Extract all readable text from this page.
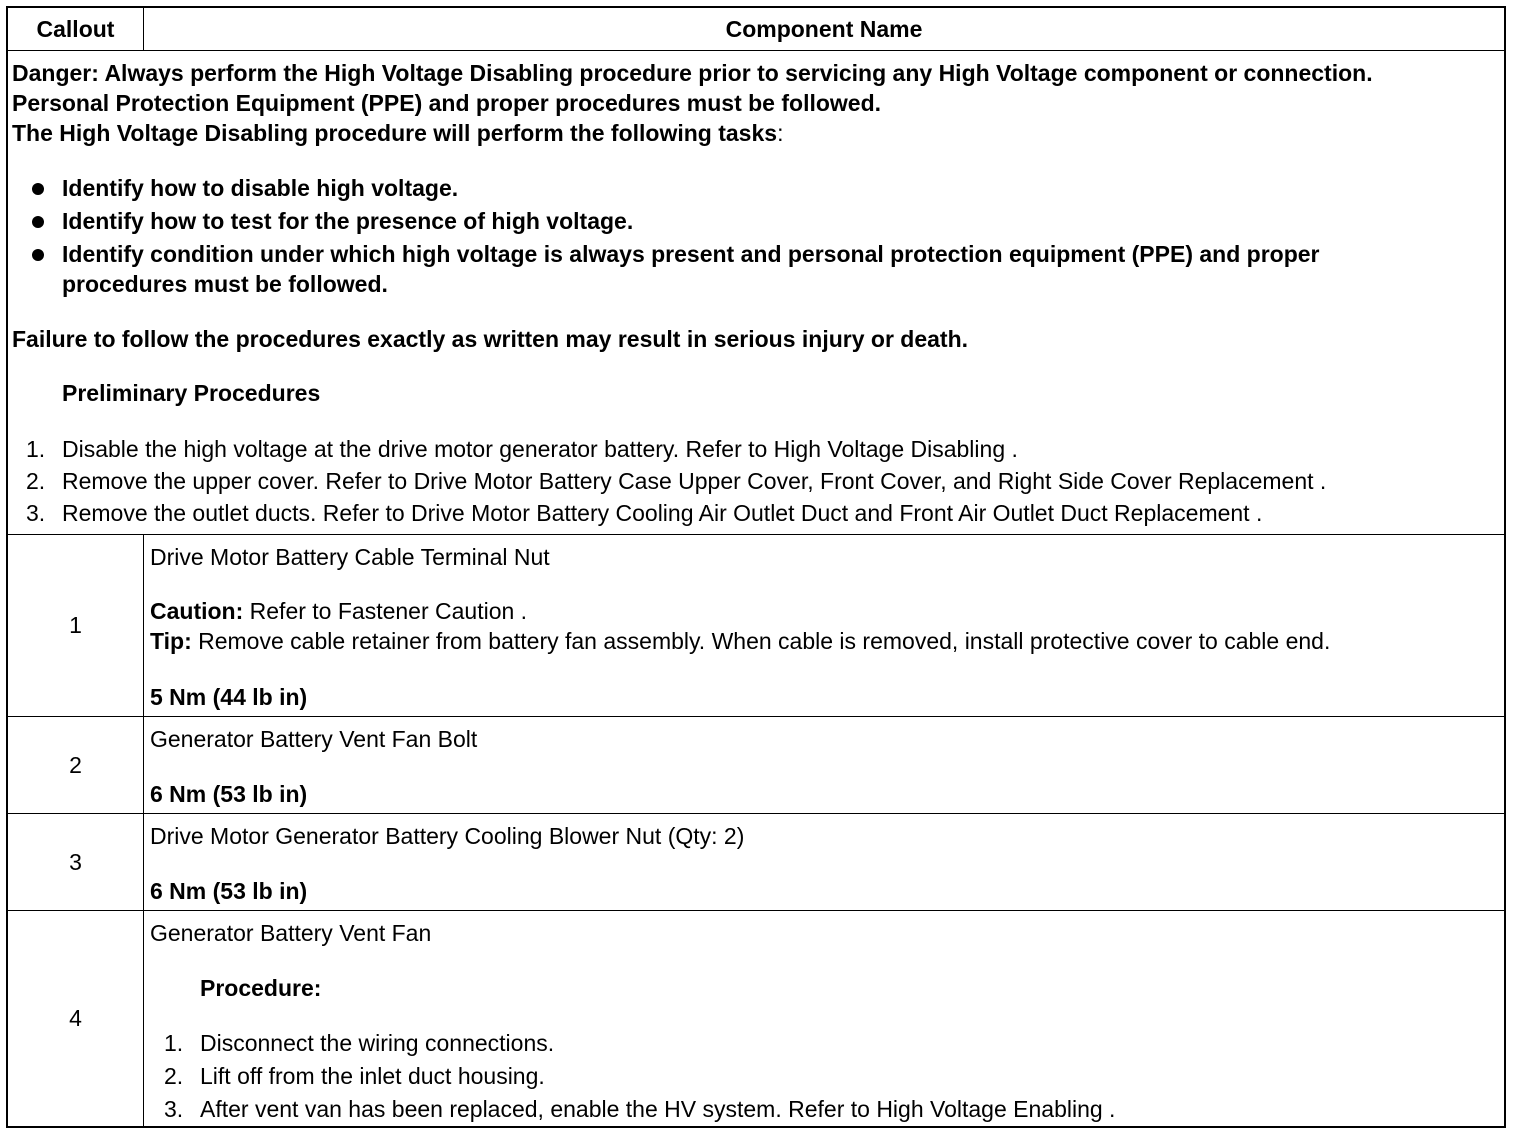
Callout	Component Name
Danger: Always perform the High Voltage Disabling procedure prior to servicing any High Voltage component or connection.
Personal Protection Equipment (PPE) and proper procedures must be followed.
The High Voltage Disabling procedure will perform the following tasks:
Identify how to disable high voltage.
Identify how to test for the presence of high voltage.
Identify condition under which high voltage is always present and personal protection equipment (PPE) and proper
procedures must be followed.
Failure to follow the procedures exactly as written may result in serious injury or death.
Preliminary Procedures
1. Disable the high voltage at the drive motor generator battery. Refer to High Voltage Disabling .
2. Remove the upper cover. Refer to Drive Motor Battery Case Upper Cover, Front Cover, and Right Side Cover Replacement .
3. Remove the outlet ducts. Refer to Drive Motor Battery Cooling Air Outlet Duct and Front Air Outlet Duct Replacement .
1
Drive Motor Battery Cable Terminal Nut
Caution: Refer to Fastener Caution .
Tip: Remove cable retainer from battery fan assembly. When cable is removed, install protective cover to cable end.
5 Nm (44 lb in)
2
Generator Battery Vent Fan Bolt
6 Nm (53 lb in)
3
Drive Motor Generator Battery Cooling Blower Nut (Qty: 2)
6 Nm (53 lb in)
4
Generator Battery Vent Fan
Procedure:
1. Disconnect the wiring connections.
2. Lift off from the inlet duct housing.
3. After vent van has been replaced, enable the HV system. Refer to High Voltage Enabling .
